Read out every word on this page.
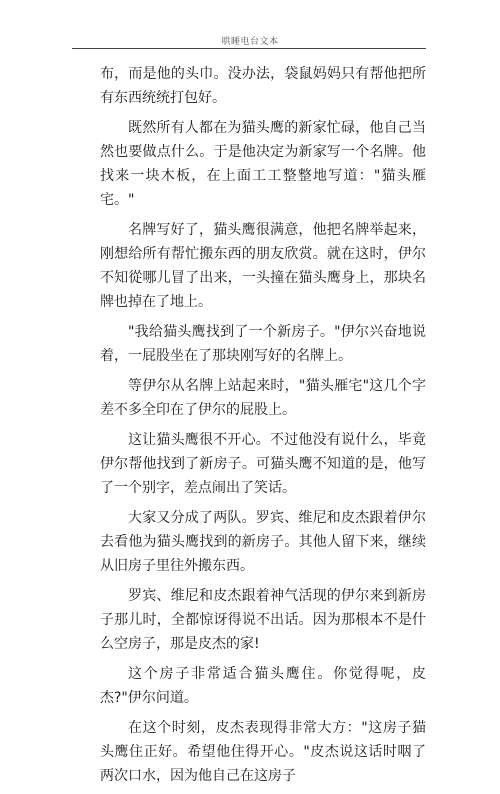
哄睡电台文本

布，而是他的头巾。没办法，袋鼠妈妈只有帮他把所有东西统统打包好。

既然所有人都在为猫头鹰的新家忙碌，他自己当然也要做点什么。于是他决定为新家写一个名牌。他找来一块木板，在上面工工整整地写道："猫头雁宅。"

名牌写好了，猫头鹰很满意，他把名牌举起来，刚想给所有帮忙搬东西的朋友欣赏。就在这时，伊尔不知從哪儿冒了出来，一头撞在猫头鹰身上，那块名牌也掉在了地上。

"我给猫头鹰找到了一个新房子。"伊尔兴奋地说着，一屁股坐在了那块刚写好的名牌上。

等伊尔从名牌上站起来时，"猫头雁宅"这几个字差不多全印在了伊尔的屁股上。

这让猫头鹰很不开心。不过他没有说什么，毕竟伊尔帮他找到了新房子。可猫头鹰不知道的是，他写了一个别字，差点闹出了笑话。

大家又分成了两队。罗宾、维尼和皮杰跟着伊尔去看他为猫头鹰找到的新房子。其他人留下来，继续从旧房子里往外搬东西。

罗宾、维尼和皮杰跟着神气活现的伊尔来到新房子那儿时，全都惊讶得说不出话。因为那根本不是什么空房子，那是皮杰的家!

这个房子非常适合猫头鹰住。你觉得呢，皮杰?"伊尔问道。

在这个时刻，皮杰表现得非常大方："这房子猫头鹰住正好。希望他住得开心。"皮杰说这话时咽了两次口水，因为他自己在这房子
